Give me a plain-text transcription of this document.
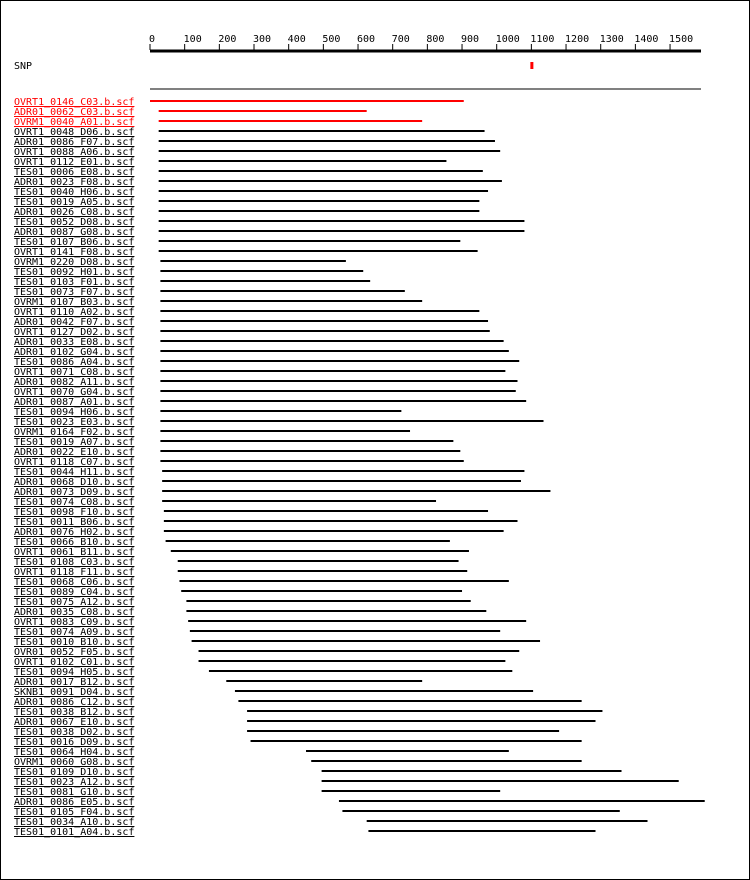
0	100 200 300 400 500 600 700 800 900 1000 1100 1200 1300 1400 1500
SNP
OVRT1_0146_C03.b.scf
ADR01_0062_C03.b.scf
OVRM1_0040_A01.b.scf
OVRT1_0048_D06.b.scf
ADR01_0086_F07.b.scf
OVRT1_0088_A06.b.scf
OVRT1_0112_E01.b.scf
TES01_0006_E08.b.scf
ADR01_0023_F08.b.scf
TES01_0040_H06.b.scf
TES01_0019_A05.b.scf
ADR01_0026_C08.b.scf
TES01_0052_D08.b.scf
ADR01_0087_G08.b.scf
TES01_0107_B06.b.scf
OVRT1_0141_F08.b.scf
OVRM1_0220_D08.b.scf
TES01_0092_H01.b.scf
TES01_0103_F01.b.scf
TES01_0073_F07.b.scf
OVRM1_0107_B03.b.scf
OVRT1_0110_A02.b.scf
ADR01_0042_F07.b.scf
OVRT1_0127_D02.b.scf
ADR01_0033_E08.b.scf
ADR01_0102_G04.b.scf
TES01_0086_A04.b.scf
OVRT1_0071_C08.b.scf
ADR01_0082_A11.b.scf
OVRT1_0070_G04.b.scf
ADR01_0087_A01.b.scf
TES01_0094_H06.b.scf
TES01_0023_E03.b.scf
OVRM1_0164_F02.b.scf
TES01_0019_A07.b.scf
ADR01_0022_E10.b.scf
OVRT1_0118_C07.b.scf
TES01_0044_H11.b.scf
ADR01_0068_D10.b.scf
ADR01_0073_D09.b.scf
TES01_0074_C08.b.scf
TES01_0098_F10.b.scf
TES01_0011_B06.b.scf
ADR01_0076_H02.b.scf
TES01_0066_B10.b.scf
OVRT1_0061_B11.b.scf
TES01_0108_C03.b.scf
OVRT1_0118_F11.b.scf
TES01_0068_C06.b.scf
TES01_0089_C04.b.scf
TES01_0075_A12.b.scf
ADR01_0035_C08.b.scf
OVRT1_0083_C09.b.scf
TES01_0074_A09.b.scf
TES01_0010_B10.b.scf
OVR01_0052_F05.b.scf
OVRT1_0102_C01.b.scf
TES01_0094_H05.b.scf
ADR01_0017_B12.b.scf
SKNB1_0091_D04.b.scf
ADR01_0086_C12.b.scf
TES01_0038_B12.b.scf
ADR01_0067_E10.b.scf
TES01_0038_D02.b.scf
TES01_0016_D09.b.scf
TES01_0064_H04.b.scf
OVRM1_0060_G08.b.scf
TES01_0109_D10.b.scf
TES01_0023_A12.b.scf
TES01_0081_G10.b.scf
ADR01_0086_E05.b.scf
TES01_0105_F04.b.scf
TES01_0034_A10.b.scf
TES01_0101_A04.b.scf
